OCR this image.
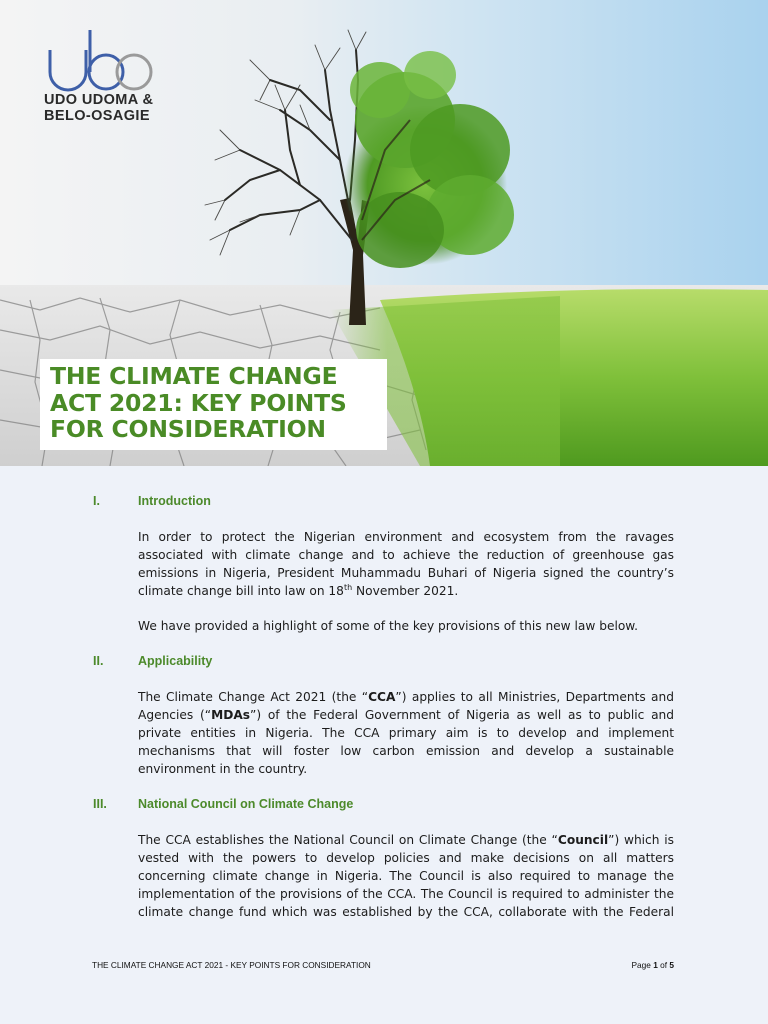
UDO UDOMA &
BELO-OSAGIE
THE CLIMATE CHANGE
ACT 2021: KEY POINTS
FOR CONSIDERATION
I.	Introduction
In order to protect the Nigerian environment and ecosystem from the ravages
associated with climate change and to achieve the reduction of greenhouse gas
emissions in Nigeria, President Muhammadu Buhari of Nigeria signed the country’s
climate change bill into law on 18th November 2021.
We have provided a highlight of some of the key provisions of this new law below.
II.	Applicability
The Climate Change Act 2021 (the “CCA”) applies to all Ministries, Departments and
Agencies (“MDAs”) of the Federal Government of Nigeria as well as to public and
private entities in Nigeria. The CCA primary aim is to develop and implement
mechanisms that will foster low carbon emission and develop a sustainable
environment in the country.
III. National Council on Climate Change
The CCA establishes the National Council on Climate Change (the “Council”) which is
vested with the powers to develop policies and make decisions on all matters
concerning climate change in Nigeria. The Council is also required to manage the
implementation of the provisions of the CCA. The Council is required to administer the
climate change fund which was established by the CCA, collaborate with the Federal
THE CLIMATE CHANGE ACT 2021 - KEY POINTS FOR CONSIDERATION	Page 1 of 5
